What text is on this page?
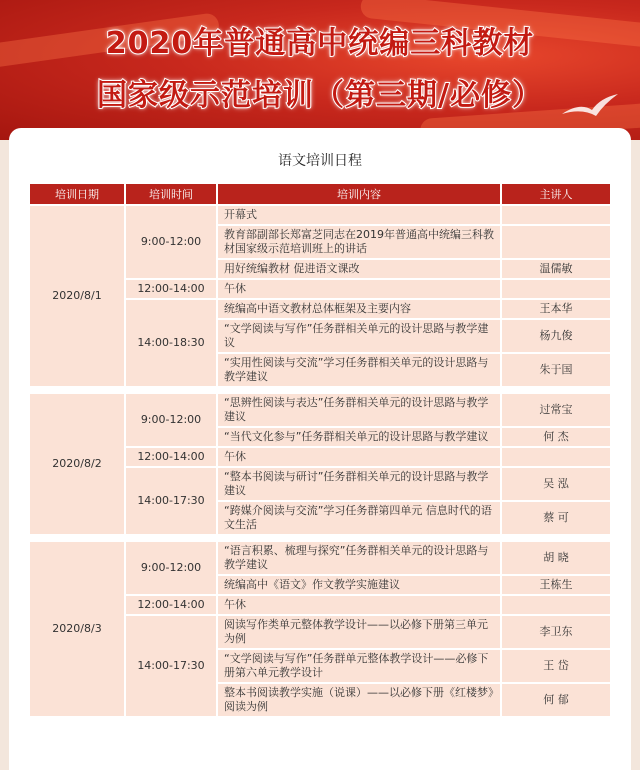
2020年普通高中统编三科教材
国家级示范培训（第三期/必修）
语文培训日程
培训日期	培训时间	培训内容	主讲人
2020/8/1	9:00-12:00	开幕式	
		教育部副部长郑富芝同志在2019年普通高中统编三科教材国家级示范培训班上的讲话	
		用好统编教材 促进语文课改	温儒敏
	12:00-14:00	午休	
	14:00-18:30	统编高中语文教材总体框架及主要内容	王本华
		“文学阅读与写作”任务群相关单元的设计思路与教学建议	杨九俊
		“实用性阅读与交流”学习任务群相关单元的设计思路与教学建议	朱于国

2020/8/2	9:00-12:00	“思辨性阅读与表达”任务群相关单元的设计思路与教学建议	过常宝
		“当代文化参与”任务群相关单元的设计思路与教学建议	何 杰
	12:00-14:00	午休	
	14:00-17:30	“整本书阅读与研讨”任务群相关单元的设计思路与教学建议	吴 泓
		“跨媒介阅读与交流”学习任务群第四单元 信息时代的语文生活	蔡 可

2020/8/3	9:00-12:00	“语言积累、梳理与探究”任务群相关单元的设计思路与教学建议	胡 晓
		统编高中《语文》作文教学实施建议	王栋生
	12:00-14:00	午休	
	14:00-17:30	阅读写作类单元整体教学设计——以必修下册第三单元为例	李卫东
		“文学阅读与写作”任务群单元整体教学设计——必修下册第六单元教学设计	王 岱
		整本书阅读教学实施（说课）——以必修下册《红楼梦》阅读为例	何 郁
